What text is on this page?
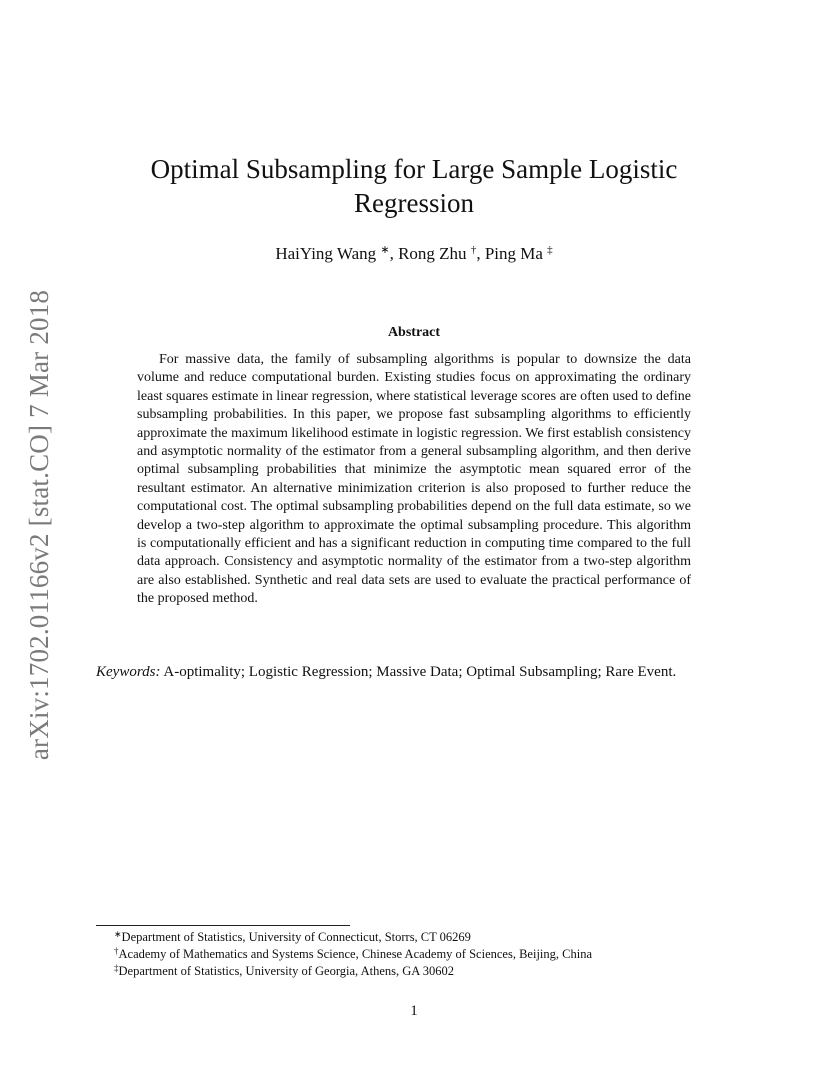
arXiv:1702.01166v2 [stat.CO] 7 Mar 2018
Optimal Subsampling for Large Sample Logistic Regression
HaiYing Wang ∗, Rong Zhu †, Ping Ma ‡
Abstract

For massive data, the family of subsampling algorithms is popular to downsize the data volume and reduce computational burden. Existing studies focus on approximating the ordinary least squares estimate in linear regression, where statistical leverage scores are often used to define subsampling probabilities. In this paper, we propose fast subsampling algorithms to efficiently approximate the maximum likelihood estimate in logistic regression. We first establish consistency and asymptotic normality of the estimator from a general subsampling algorithm, and then derive optimal subsampling probabilities that minimize the asymptotic mean squared error of the resultant estimator. An alternative minimization criterion is also proposed to further reduce the computational cost. The optimal subsampling probabilities depend on the full data estimate, so we develop a two-step algorithm to approximate the optimal subsampling procedure. This algorithm is computationally efficient and has a significant reduction in computing time compared to the full data approach. Consistency and asymptotic normality of the estimator from a two-step algorithm are also established. Synthetic and real data sets are used to evaluate the practical performance of the proposed method.

Keywords: A-optimality; Logistic Regression; Massive Data; Optimal Subsampling; Rare Event.

∗Department of Statistics, University of Connecticut, Storrs, CT 06269
†Academy of Mathematics and Systems Science, Chinese Academy of Sciences, Beijing, China
‡Department of Statistics, University of Georgia, Athens, GA 30602
1
